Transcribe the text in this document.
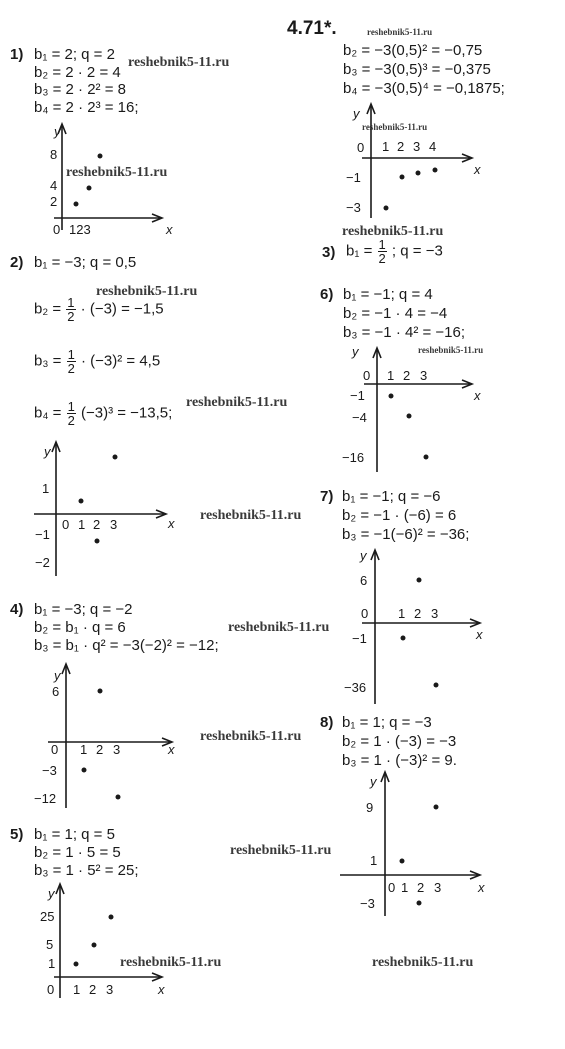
4.71*.	reshebnik5-11.ru
reshebnik5-11.ru
reshebnik5-11.ru
reshebnik5-11.ru
reshebnik5-11.ru
reshebnik5-11.ru
reshebnik5-11.ru
reshebnik5-11.ru
reshebnik5-11.ru
reshebnik5-11.ru
reshebnik5-11.ru
reshebnik5-11.ru
reshebnik5-11.ru	reshebnik5-11.ru
1) b₁ = 2; q = 2
b₂ = 2 · 2 = 4
b₃ = 2 · 2² = 8
b₄ = 2 · 2³ = 16;
y
x
0 123
8
4
2
2) b₁ = −3; q = 0,5
$b_2 = \frac{1}{2} \cdot (-3) = -1,5$
$b_3 = \frac{1}{2} \cdot (-3)^2 = 4,5$
$b_4 = \frac{1}{2} (-3)^3 = -13,5$;
y
x
0 1 2 3
1
−1
−2
4) b₁ = −3; q = −2
b₂ = b₁ · q = 6
b₃ = b₁ · q² = −3(−2)² = −12;
y
x
0 1 2 3
6
−3
−12
5) b₁ = 1; q = 5
b₂ = 1 · 5 = 5
b₃ = 1 · 5² = 25;
y
x
0 1 2 3
25
5
1
b₂ = −3(0,5)² = −0,75
b₃ = −3(0,5)³ = −0,375
b₄ = −3(0,5)⁴ = −0,1875;
y
x
0 1 2 3 4
−1
−3
3) $b_1 = \frac{1}{2}$ ; q = −3
6) b₁ = −1; q = 4
b₂ = −1 · 4 = −4
b₃ = −1 · 4² = −16;
y
x
0 1 2 3
−1
−4
−16
7) b₁ = −1; q = −6
b₂ = −1 · (−6) = 6
b₃ = −1(−6)² = −36;
y
x
0 1 2 3
6
−1
−36
8) b₁ = 1; q = −3
b₂ = 1 · (−3) = −3
b₃ = 1 · (−3)² = 9.
y
x
0 1 2 3
9
1
−3
